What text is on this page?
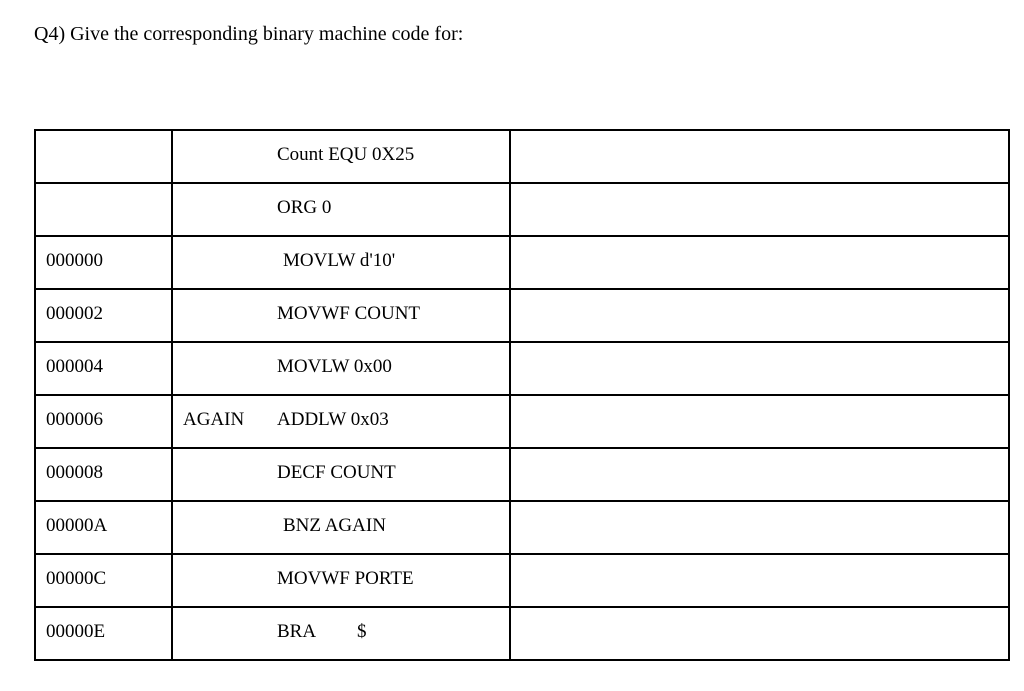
Q4) Give the corresponding binary machine code for:

	Count EQU 0X25	

	ORG 0	

000000	MOVLW d'10'	

000002	MOVWF COUNT	

000004	MOVLW 0x00	

000006	AGAIN ADDLW 0x03	

000008	DECF COUNT	

00000A	BNZ AGAIN	

00000C	MOVWF PORTE	

00000E	BRA $	
